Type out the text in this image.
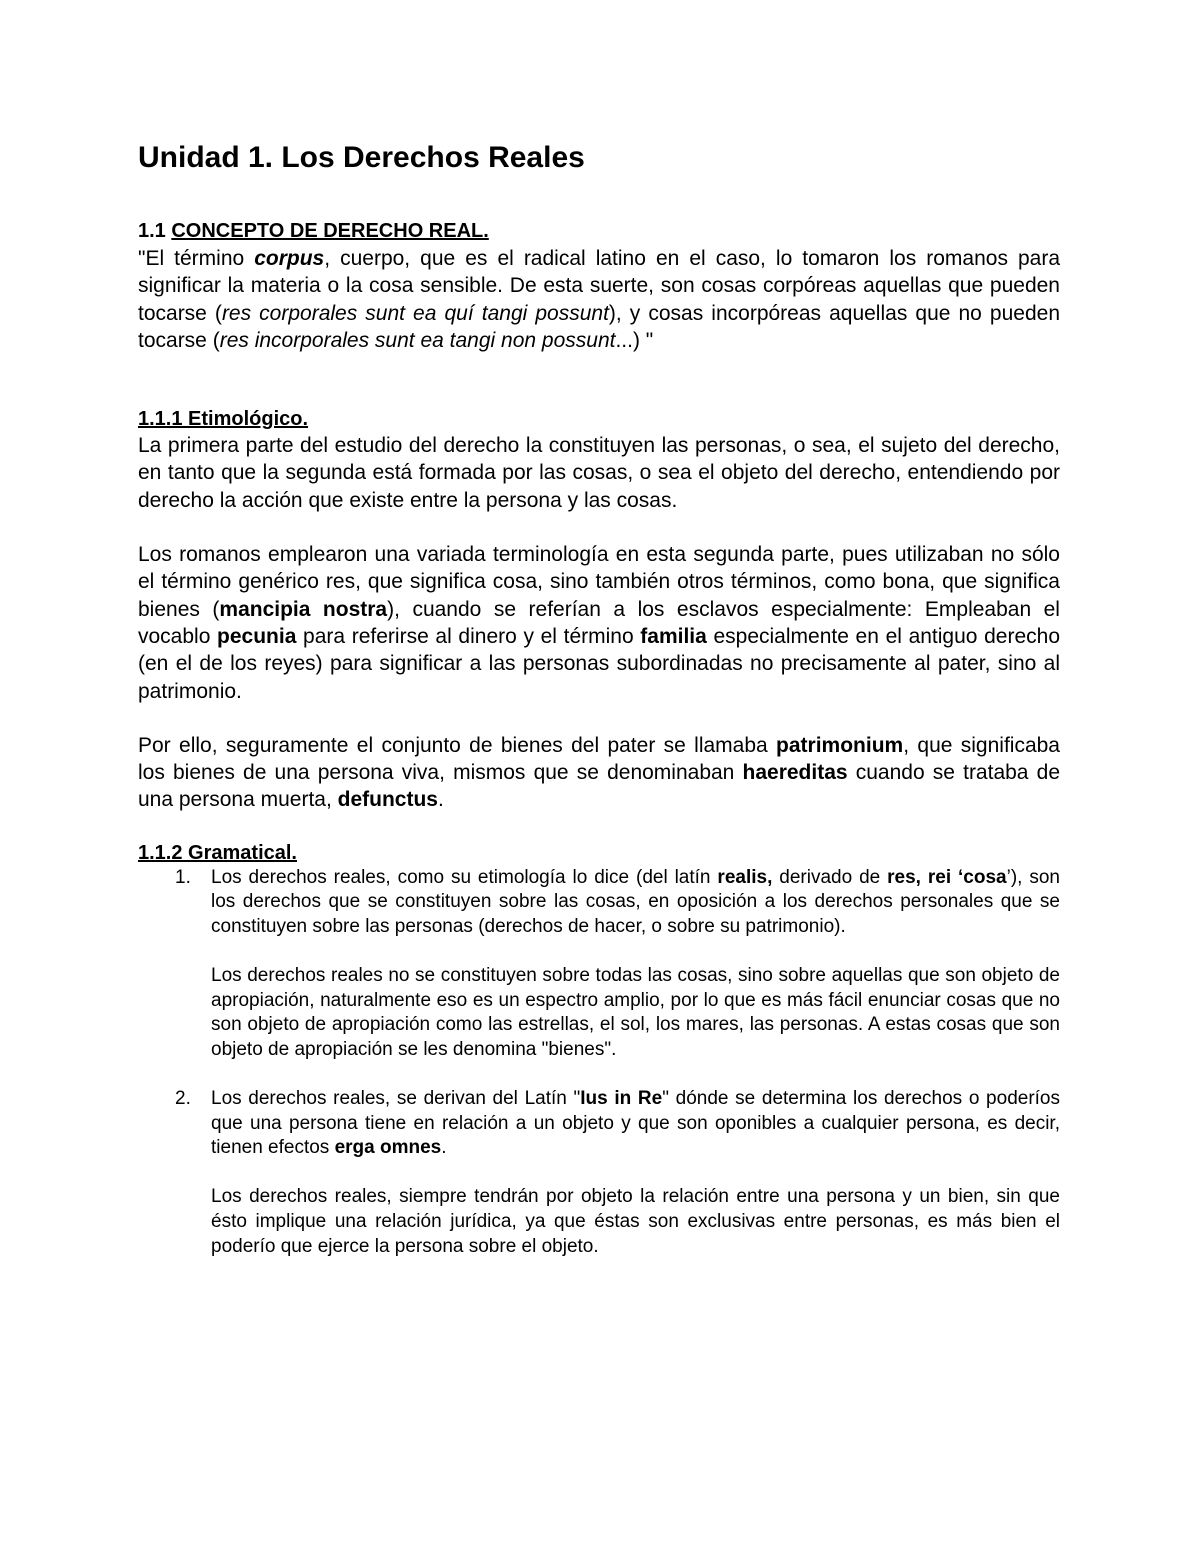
Unidad 1. Los Derechos Reales
1.1 CONCEPTO DE DERECHO REAL.

"El término corpus, cuerpo, que es el radical latino en el caso, lo tomaron los romanos para significar la materia o la cosa sensible. De esta suerte, son cosas corpóreas aquellas que pueden tocarse (res corporales sunt ea quí tangi possunt), y cosas incorpóreas aquellas que no pueden tocarse (res incorporales sunt ea tangi non possunt...) "

1.1.1 Etimológico.

La primera parte del estudio del derecho la constituyen las personas, o sea, el sujeto del derecho, en tanto que la segunda está formada por las cosas, o sea el objeto del derecho, entendiendo por derecho la acción que existe entre la persona y las cosas.

Los romanos emplearon una variada terminología en esta segunda parte, pues utilizaban no sólo el término genérico res, que significa cosa, sino también otros términos, como bona, que significa bienes (mancipia nostra), cuando se referían a los esclavos especialmente: Empleaban el vocablo pecunia para referirse al dinero y el término familia especialmente en el antiguo derecho (en el de los reyes) para significar a las personas subordinadas no precisamente al pater, sino al patrimonio.

Por ello, seguramente el conjunto de bienes del pater se llamaba patrimonium, que significaba los bienes de una persona viva, mismos que se denominaban haereditas cuando se trataba de una persona muerta, defunctus.

1.1.2 Gramatical.
1. Los derechos reales, como su etimología lo dice (del latín realis, derivado de res, rei ‘cosa’), son los derechos que se constituyen sobre las cosas, en oposición a los derechos personales que se constituyen sobre las personas (derechos de hacer, o sobre su patrimonio).

Los derechos reales no se constituyen sobre todas las cosas, sino sobre aquellas que son objeto de apropiación, naturalmente eso es un espectro amplio, por lo que es más fácil enunciar cosas que no son objeto de apropiación como las estrellas, el sol, los mares, las personas. A estas cosas que son objeto de apropiación se les denomina "bienes".

2. Los derechos reales, se derivan del Latín "Ius in Re" dónde se determina los derechos o poderíos que una persona tiene en relación a un objeto y que son oponibles a cualquier persona, es decir, tienen efectos erga omnes.

Los derechos reales, siempre tendrán por objeto la relación entre una persona y un bien, sin que ésto implique una relación jurídica, ya que éstas son exclusivas entre personas, es más bien el poderío que ejerce la persona sobre el objeto.
